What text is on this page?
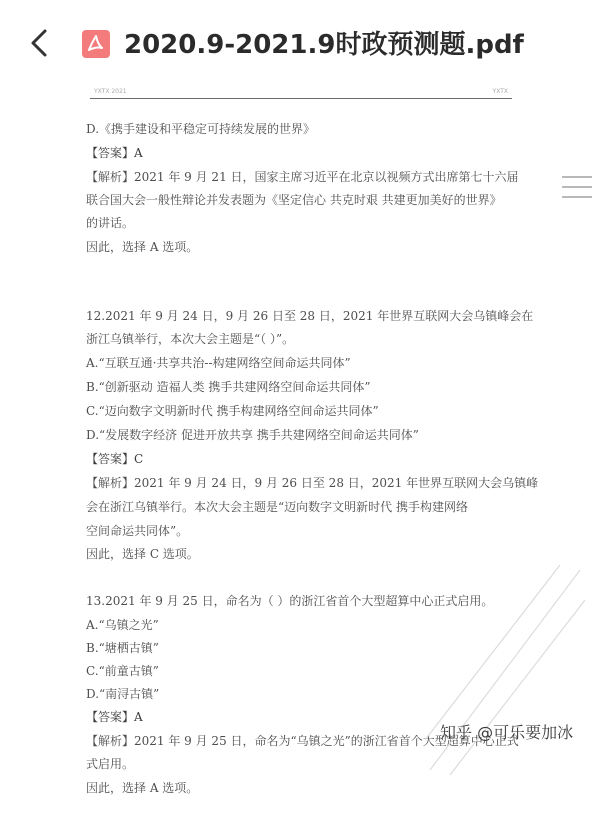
2020.9-2021.9时政预测题.pdf
YXTX 2021	YXTX
D.《携手建设和平稳定可持续发展的世界》
【答案】A
【解析】2021 年 9 月 21 日，国家主席习近平在北京以视频方式出席第七十六届
联合国大会一般性辩论并发表题为《坚定信心 共克时艰 共建更加美好的世界》
的讲话。
因此，选择 A 选项。
12.2021 年 9 月 24 日，9 月 26 日至 28 日，2021 年世界互联网大会乌镇峰会在
浙江乌镇举行，本次大会主题是“（ ）”。
A.“互联互通·共享共治--构建网络空间命运共同体”
B.“创新驱动 造福人类 携手共建网络空间命运共同体”
C.“迈向数字文明新时代 携手构建网络空间命运共同体”
D.“发展数字经济 促进开放共享 携手共建网络空间命运共同体”
【答案】C
【解析】2021 年 9 月 24 日，9 月 26 日至 28 日，2021 年世界互联网大会乌镇峰
会在浙江乌镇举行。本次大会主题是“迈向数字文明新时代 携手构建网络
空间命运共同体”。
因此，选择 C 选项。
13.2021 年 9 月 25 日，命名为（ ）的浙江省首个大型超算中心正式启用。
A.“乌镇之光”
B.“塘栖古镇”
C.“前童古镇”
D.“南浔古镇”
【答案】A
【解析】2021 年 9 月 25 日，命名为“乌镇之光”的浙江省首个大型超算中心正式
式启用。
因此，选择 A 选项。
知乎 @可乐要加冰
